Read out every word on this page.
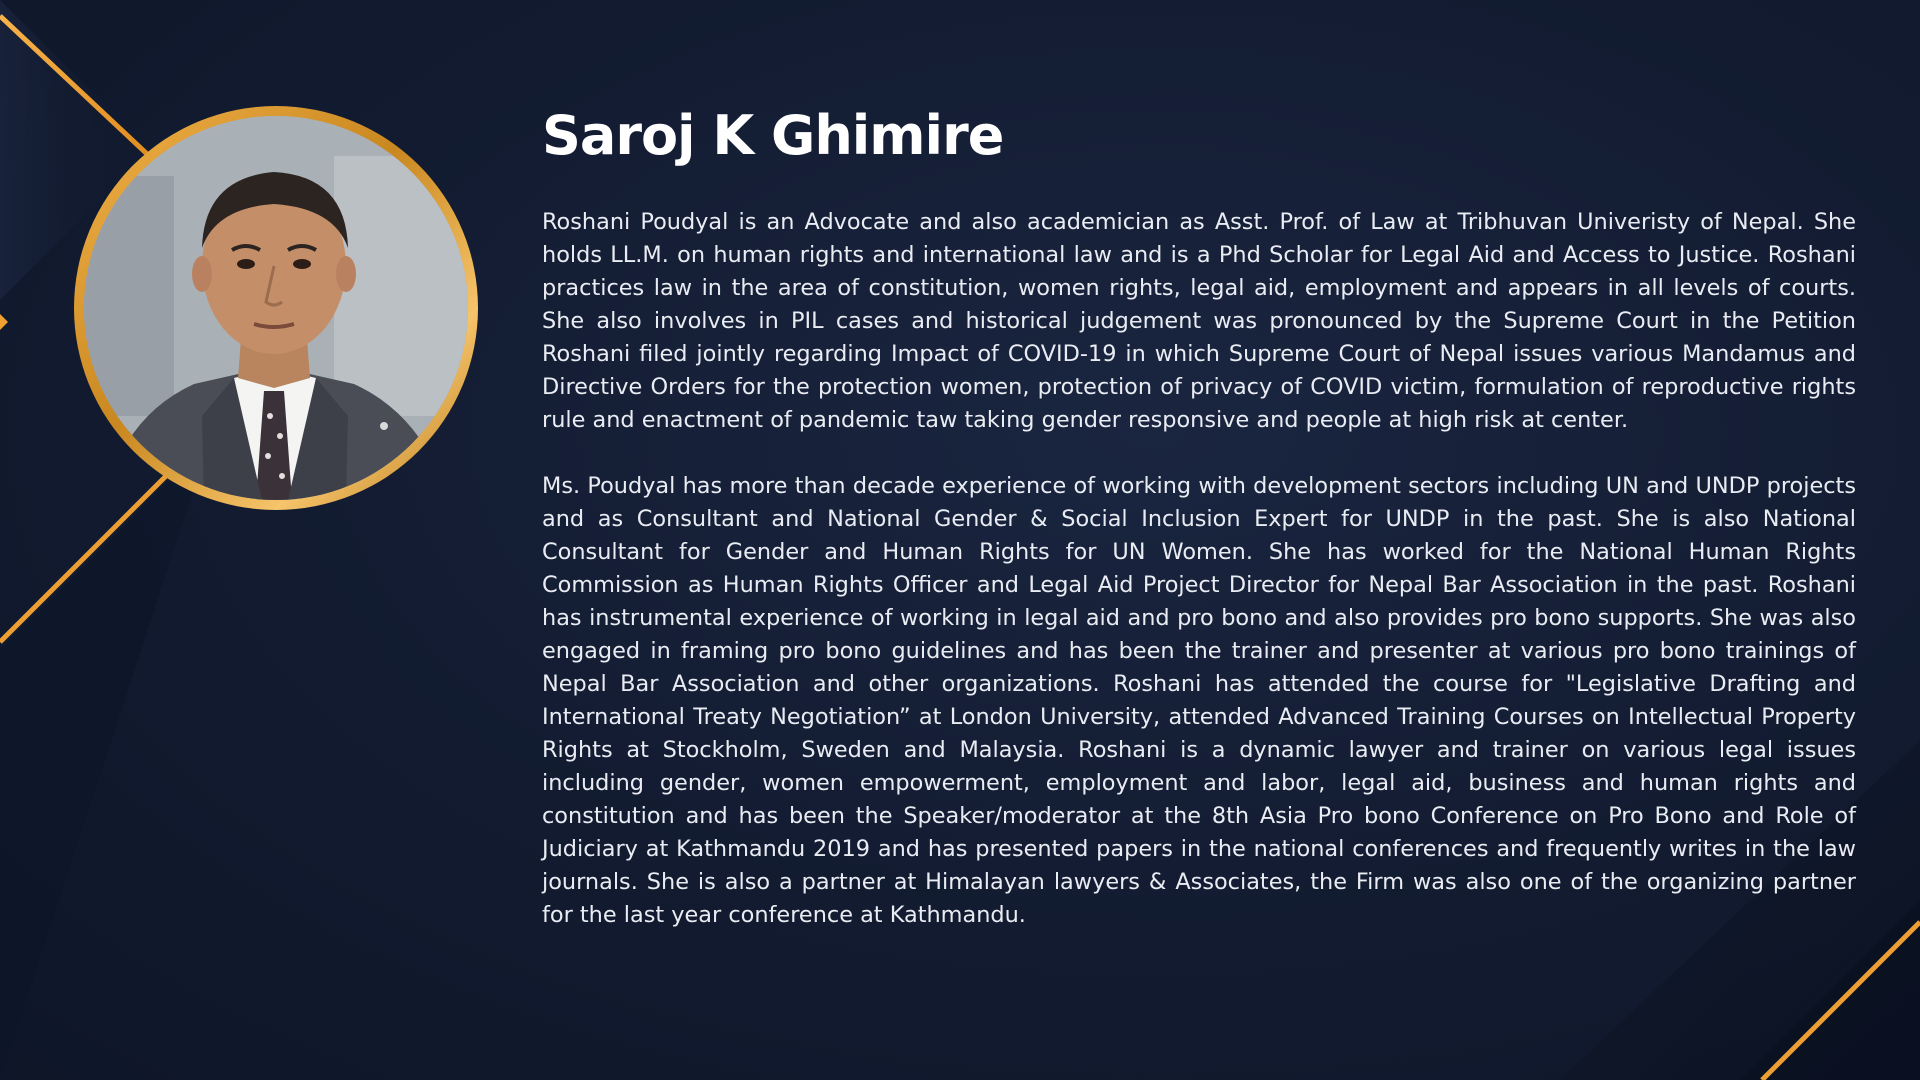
Saroj K Ghimire

Roshani Poudyal is an Advocate and also academician as Asst. Prof. of Law at Tribhuvan Univeristy of Nepal. She holds LL.M. on human rights and international law and is a Phd Scholar for Legal Aid and Access to Justice. Roshani practices law in the area of constitution, women rights, legal aid, employment and appears in all levels of courts. She also involves in PIL cases and historical judgement was pronounced by the Supreme Court in the Petition Roshani filed jointly regarding Impact of COVID-19 in which Supreme Court of Nepal issues various Mandamus and Directive Orders for the protection women, protection of privacy of COVID victim, formulation of reproductive rights rule and enactment of pandemic taw taking gender responsive and people at high risk at center.

Ms. Poudyal has more than decade experience of working with development sectors including UN and UNDP projects and as Consultant and National Gender & Social Inclusion Expert for UNDP in the past. She is also National Consultant for Gender and Human Rights for UN Women. She has worked for the National Human Rights Commission as Human Rights Officer and Legal Aid Project Director for Nepal Bar Association in the past. Roshani has instrumental experience of working in legal aid and pro bono and also provides pro bono supports. She was also engaged in framing pro bono guidelines and has been the trainer and presenter at various pro bono trainings of Nepal Bar Association and other organizations. Roshani has attended the course for "Legislative Drafting and International Treaty Negotiation” at London University, attended Advanced Training Courses on Intellectual Property Rights at Stockholm, Sweden and Malaysia. Roshani is a dynamic lawyer and trainer on various legal issues including gender, women empowerment, employment and labor, legal aid, business and human rights and constitution and has been the Speaker/moderator at the 8th Asia Pro bono Conference on Pro Bono and Role of Judiciary at Kathmandu 2019 and has presented papers in the national conferences and frequently writes in the law journals. She is also a partner at Himalayan lawyers & Associates, the Firm was also one of the organizing partner for the last year conference at Kathmandu.
